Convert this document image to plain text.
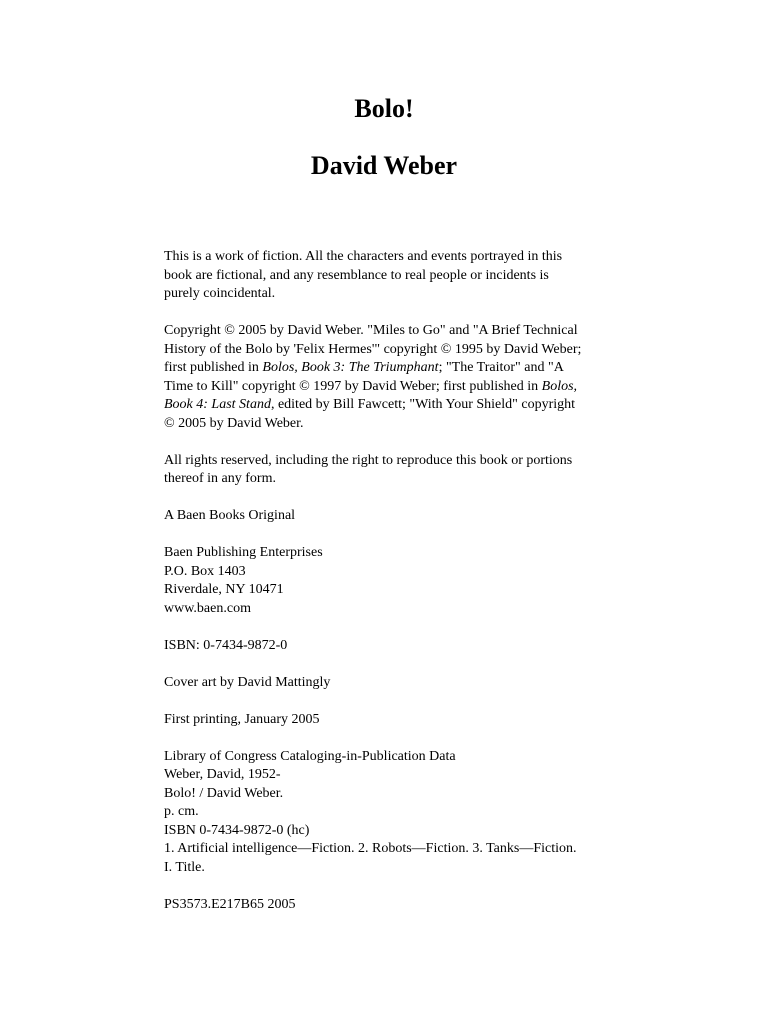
Bolo!
David Weber

This is a work of fiction. All the characters and events portrayed in this
book are fictional, and any resemblance to real people or incidents is
purely coincidental.

Copyright © 2005 by David Weber. "Miles to Go" and "A Brief Technical
History of the Bolo by 'Felix Hermes'" copyright © 1995 by David Weber;
first published in Bolos, Book 3: The Triumphant; "The Traitor" and "A
Time to Kill" copyright © 1997 by David Weber; first published in Bolos,
Book 4: Last Stand, edited by Bill Fawcett; "With Your Shield" copyright
© 2005 by David Weber.

All rights reserved, including the right to reproduce this book or portions
thereof in any form.

A Baen Books Original

Baen Publishing Enterprises
P.O. Box 1403
Riverdale, NY 10471
www.baen.com

ISBN: 0-7434-9872-0

Cover art by David Mattingly

First printing, January 2005

Library of Congress Cataloging-in-Publication Data
Weber, David, 1952-
Bolo! / David Weber.
p. cm.
ISBN 0-7434-9872-0 (hc)
1. Artificial intelligence—Fiction. 2. Robots—Fiction. 3. Tanks—Fiction.
I. Title.

PS3573.E217B65 2005
